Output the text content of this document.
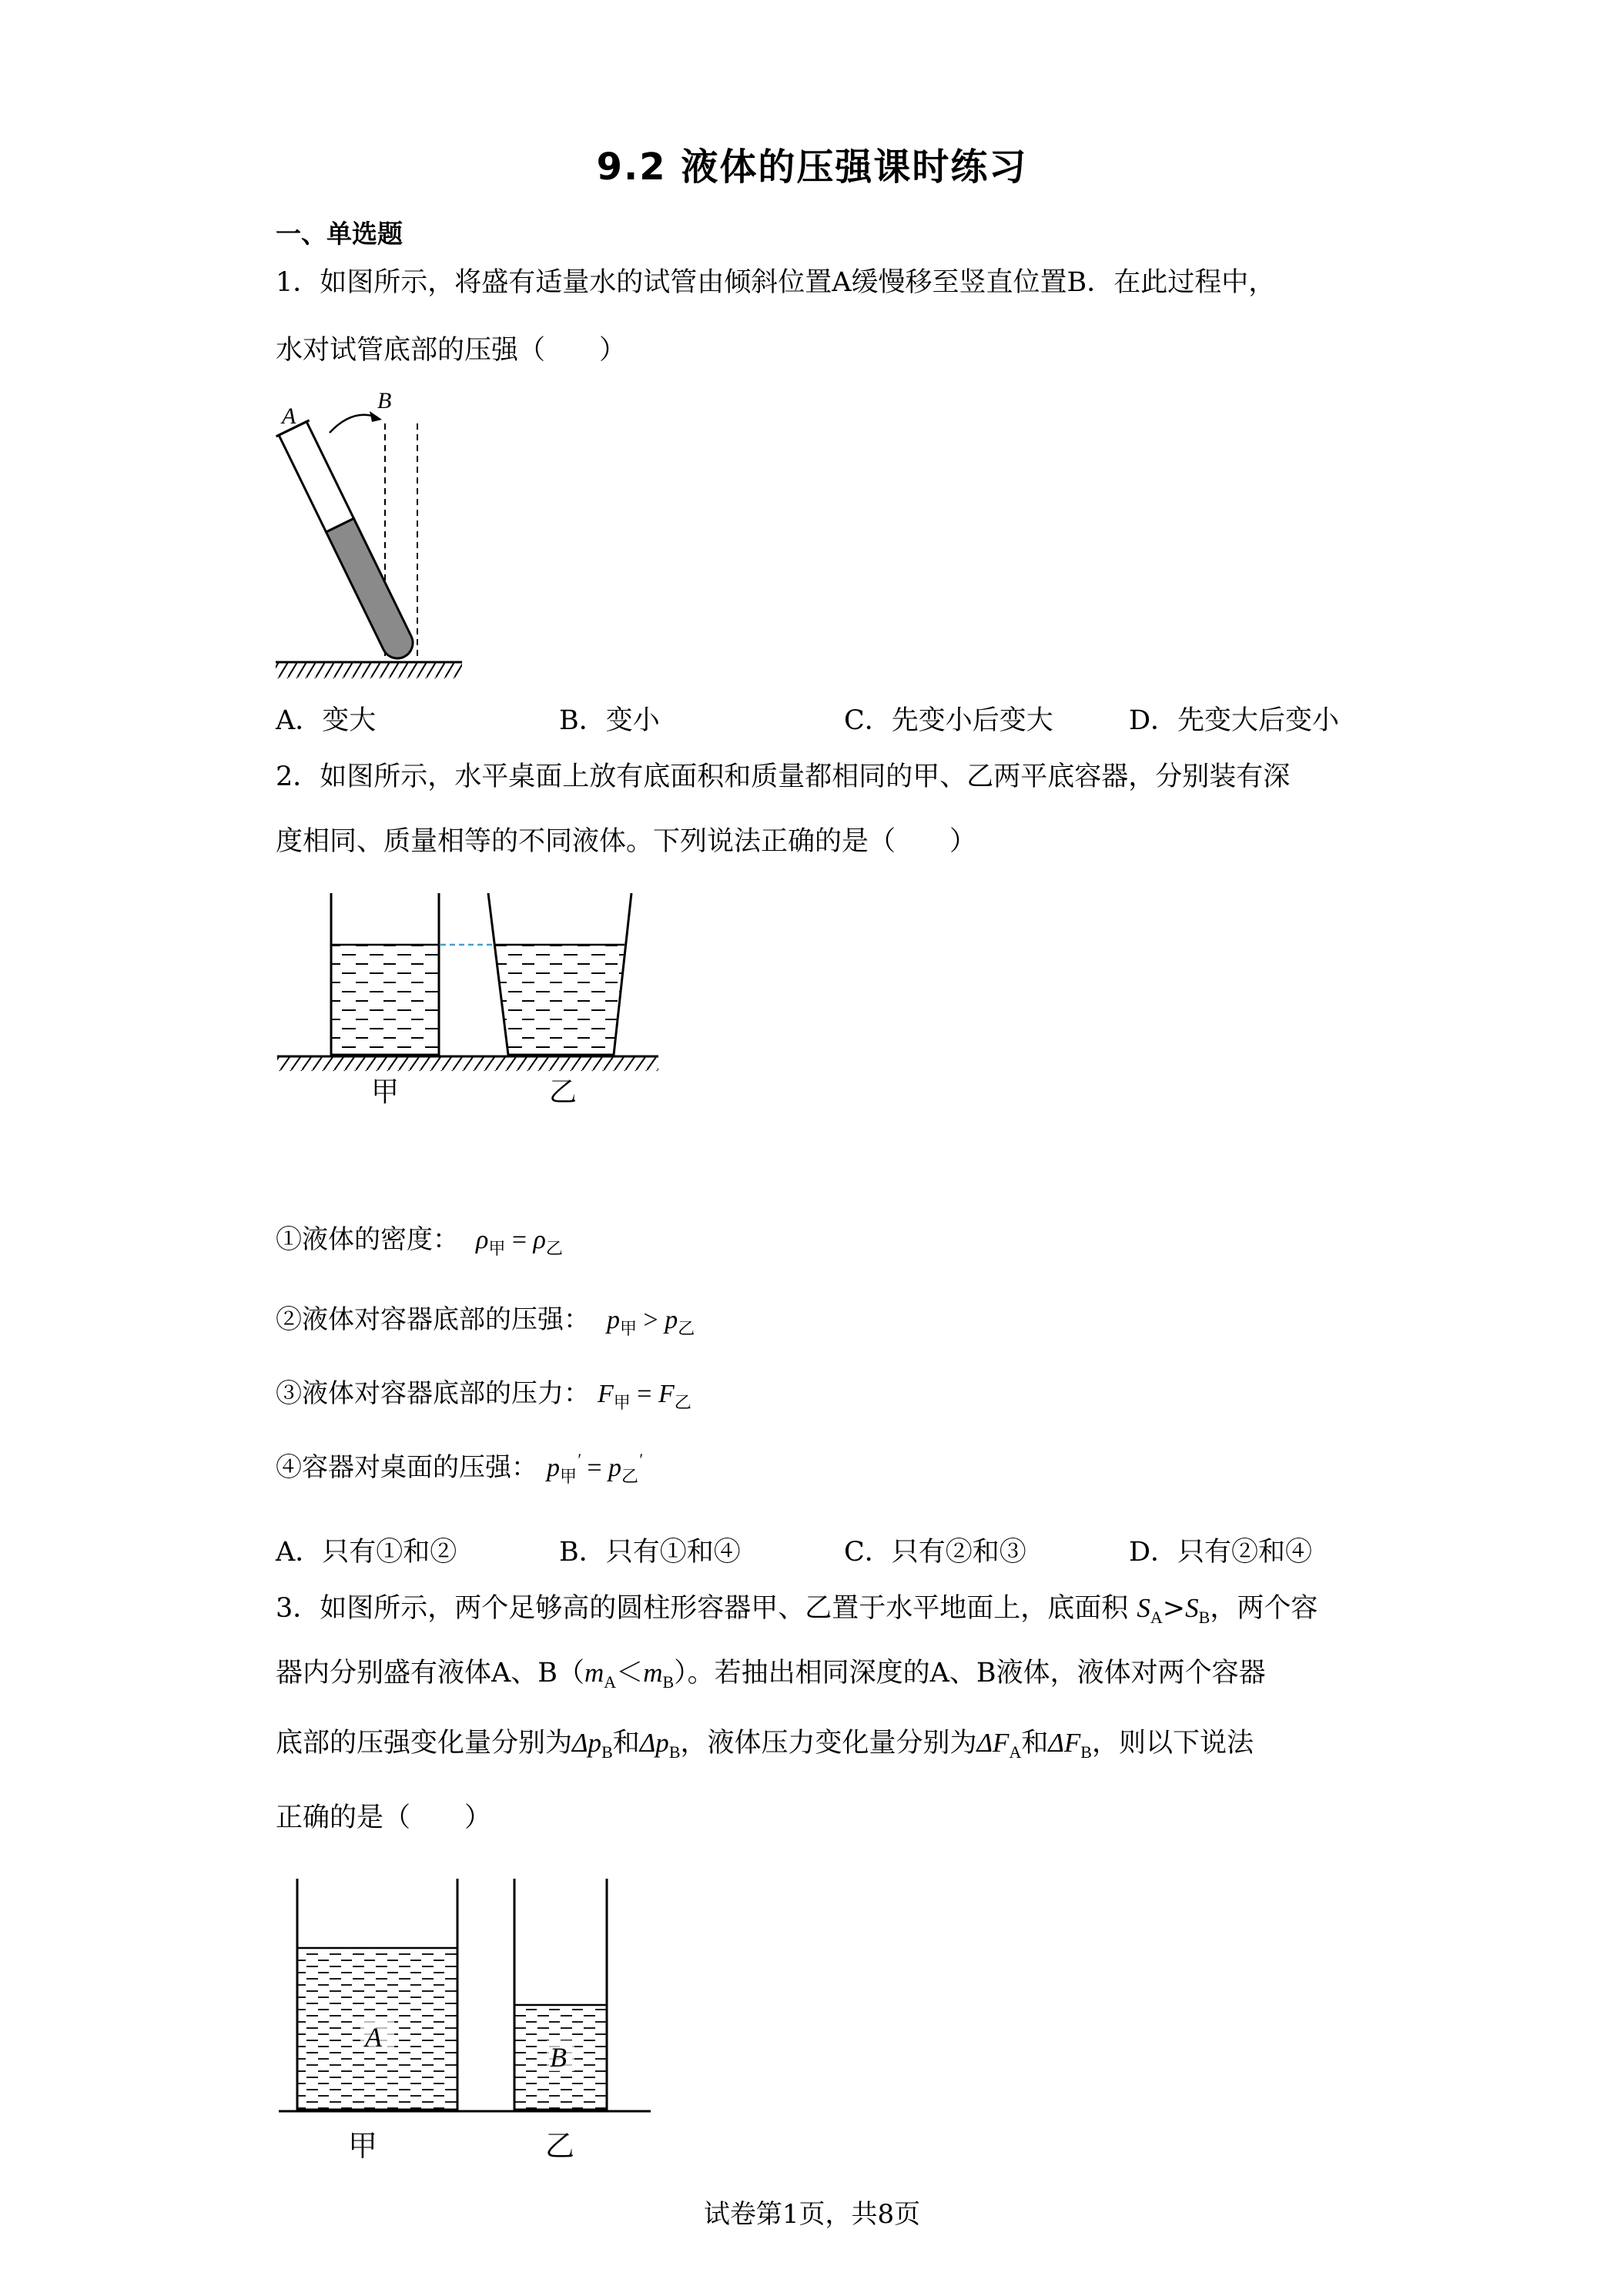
9.2 液体的压强课时练习
一、单选题
1．如图所示，将盛有适量水的试管由倾斜位置A缓慢移至竖直位置B．在此过程中，
水对试管底部的压强（　　）
A
B
A．变大	B．变小	C．先变小后变大	D．先变大后变小
2．如图所示，水平桌面上放有底面积和质量都相同的甲、乙两平底容器，分别装有深
度相同、质量相等的不同液体。下列说法正确的是（　　）
甲	乙
①液体的密度： $\rho_甲 = \rho_乙$
②液体对容器底部的压强： $p_甲 > p_乙$
③液体对容器底部的压力： $F_甲 = F_乙$
④容器对桌面的压强： $p_甲' = p_乙'$
A．只有①和②	B．只有①和④	C．只有②和③	D．只有②和④
3．如图所示，两个足够高的圆柱形容器甲、乙置于水平地面上，底面积 $S_A>S_B$，两个容
器内分别盛有液体A、$B(m_A<m_B)$。若抽出相同深度的A、B液体，液体对两个容器
底部的压强变化量分别为$\Delta p_B$和$\Delta p_B$，液体压力变化量分别为$\Delta F_A$和$\Delta F_B$，则以下说法
正确的是（　　）
A
B
甲	乙
试卷第1页，共8页
